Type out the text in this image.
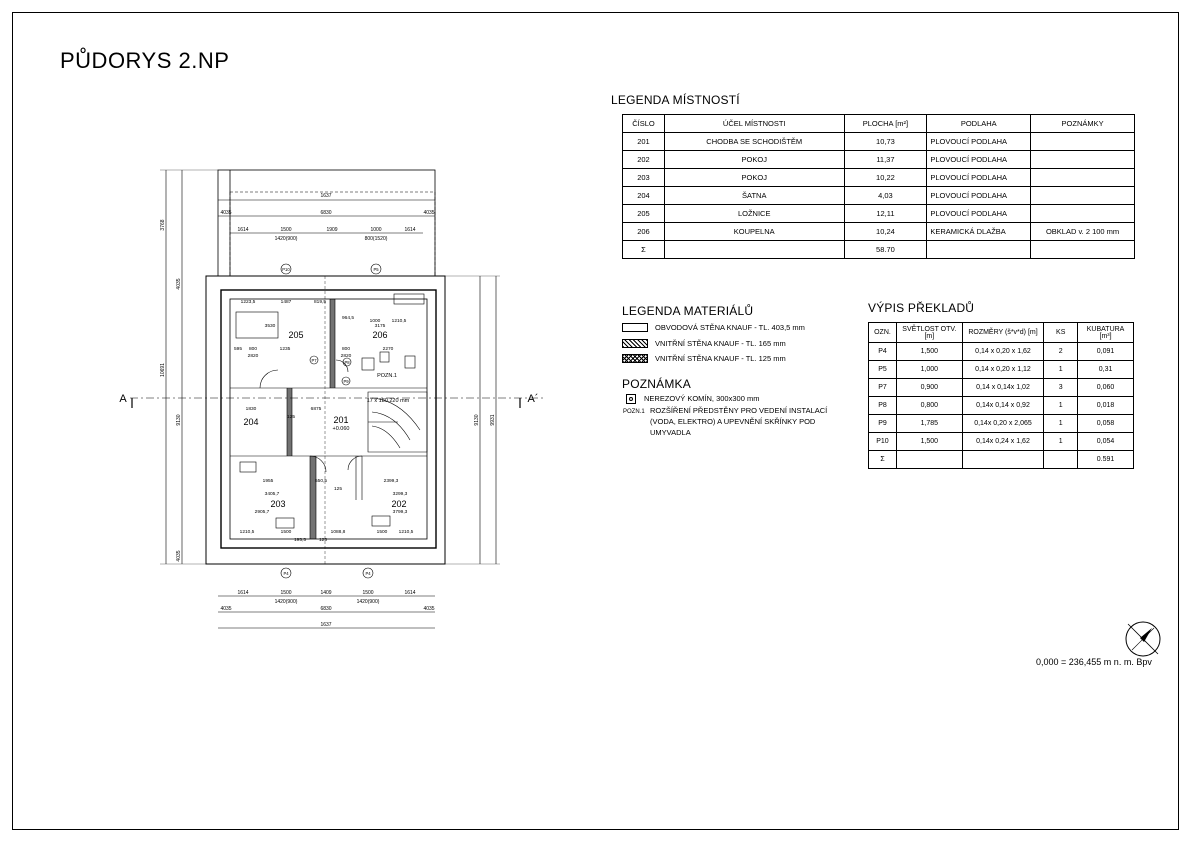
PŮDORYS 2.NP
205	206
204	201
203	202
+0.060
17 x 180,220 mm
POZN.1
A	A´
1637
6830
1614	1500	1909	1000	1614
1420(900)	800(1520)
4035	4035
1614	1500	1409	1500	1614
1420(900)	1420(900)
6830
1637
4035	4035
3768
10691
9130	9130 9931
4035
4035
1223,5	1487	819,5
3530
964,5
1000 1210,5
3175
2270
595 800	1235
2820
800
2820
6875
1830
1955
3405,7
2905,7
550,5	2399,3
3299,3
3799,3
1210,5	1500
195,5
1088,8	1500 1210,5
125
125
125
P10	P5
P4	P4
P7	P8
P9
LEGENDA MÍSTNOSTÍ
ČÍSLO	ÚČEL MÍSTNOSTI	PLOCHA [m²]	PODLAHA	POZNÁMKY
201	CHODBA SE SCHODIŠTĚM	10,73	PLOVOUCÍ PODLAHA	
202	POKOJ	11,37	PLOVOUCÍ PODLAHA	
203	POKOJ	10,22	PLOVOUCÍ PODLAHA	
204	ŠATNA	4,03	PLOVOUCÍ PODLAHA	
205	LOŽNICE	12,11	PLOVOUCÍ PODLAHA	
206	KOUPELNA	10,24	KERAMICKÁ DLAŽBA	OBKLAD v. 2 100 mm
Σ		58.70		
LEGENDA MATERIÁLŮ
OBVODOVÁ STĚNA KNAUF - TL. 403,5 mm
VNITŘNÍ STĚNA KNAUF - TL. 165 mm
VNITŘNÍ STĚNA KNAUF - TL. 125 mm
POZNÁMKA
NEREZOVÝ KOMÍN, 300x300 mm
POZN.1 ROZŠÍŘENÍ PŘEDSTĚNY PRO VEDENÍ INSTALACÍ
(VODA, ELEKTRO) A UPEVNĚNÍ SKŘÍNKY POD
UMYVADLA
VÝPIS PŘEKLADŮ
OZN.	SVĚTLOST OTV. [m]	ROZMĚRY (š*v*d) [m]	KS	KUBATURA [m³]
P4	1,500	0,14 x 0,20 x 1,62	2	0,091
P5	1,000	0,14 x 0,20 x 1,12	1	0,31
P7	0,900	0,14 x 0,14x 1,02	3	0,060
P8	0,800	0,14x 0,14 x 0,92	1	0,018
P9	1,785	0,14x 0,20 x 2,065	1	0,058
P10	1,500	0,14x 0,24 x 1,62	1	0,054
Σ				0.591
0,000 = 236,455 m n. m. Bpv
